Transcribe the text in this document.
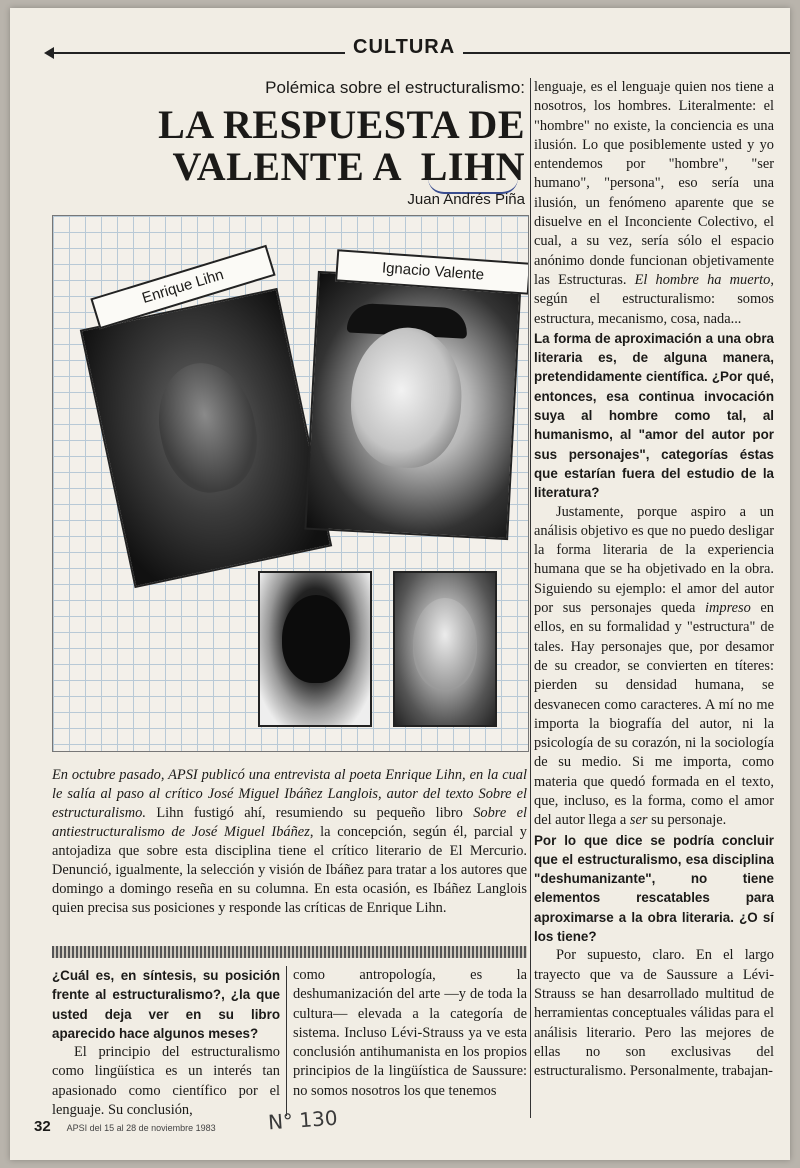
CULTURA
Polémica sobre el estructuralismo:
LA RESPUESTA DE
VALENTE A  LIHN
Juan Andrés Piña
Enrique Lihn	Ignacio Valente
En octubre pasado, APSI publicó una entrevista al poeta Enrique Lihn, en la cual le salía al paso al crítico José Miguel Ibáñez Langlois, autor del texto Sobre el estructuralismo. Lihn fustigó ahí, resumiendo su pequeño libro Sobre el antiestructuralismo de José Miguel Ibáñez, la concepción, según él, parcial y antojadiza que sobre esta disciplina tiene el crítico literario de El Mercurio. Denunció, igualmente, la selección y visión de Ibáñez para tratar a los autores que domingo a domingo reseña en su columna. En esta ocasión, es Ibáñez Langlois quien precisa sus posiciones y responde las críticas de Enrique Lihn.

¿Cuál es, en síntesis, su posición frente al estructuralismo?, ¿la que usted deja ver en su libro aparecido hace algunos meses?

El principio del estructuralismo como lingüística es un interés tan apasionado como científico por el lenguaje. Su conclusión,

como antropología, es la deshumanización del arte —y de toda la cultura— elevada a la categoría de sistema. Incluso Lévi-Strauss ya ve esta conclusión antihumanista en los propios principios de la lingüística de Saussure: no somos nosotros los que tenemos

lenguaje, es el lenguaje quien nos tiene a nosotros, los hombres. Literalmente: el "hombre" no existe, la conciencia es una ilusión. Lo que posiblemente usted y yo entendemos por "hombre", "ser humano", "persona", eso sería una ilusión, un fenómeno aparente que se disuelve en el Inconciente Colectivo, el cual, a su vez, sería sólo el espacio anónimo donde funcionan objetivamente las Estructuras. El hombre ha muerto, según el estructuralismo: somos estructura, mecanismo, cosa, nada...

La forma de aproximación a una obra literaria es, de alguna manera, pretendidamente científica. ¿Por qué, entonces, esa continua invocación suya al hombre como tal, al humanismo, al "amor del autor por sus personajes", categorías éstas que estarían fuera del estudio de la literatura?

Justamente, porque aspiro a un análisis objetivo es que no puedo desligar la forma literaria de la experiencia humana que se ha objetivado en la obra. Siguiendo su ejemplo: el amor del autor por sus personajes queda impreso en ellos, en su formalidad y "estructura" de tales. Hay personajes que, por desamor de su creador, se convierten en títeres: pierden su densidad humana, se desvanecen como caracteres. A mí no me importa la biografía del autor, ni la psicología de su corazón, ni la sociología de su medio. Si me importa, como materia que quedó formada en el texto, que, incluso, es la forma, como el amor del autor llega a ser su personaje.

Por lo que dice se podría concluir que el estructuralismo, esa disciplina "deshumanizante", no tiene elementos rescatables para aproximarse a la obra literaria. ¿O sí los tiene?

Por supuesto, claro. En el largo trayecto que va de Saussure a Lévi-Strauss se han desarrollado multitud de herramientas conceptuales válidas para el análisis literario. Pero las mejores de ellas no son exclusivas del estructuralismo. Personalmente, trabajan-

32 APSI del 15 al 28 de noviembre 1983	N° 130
